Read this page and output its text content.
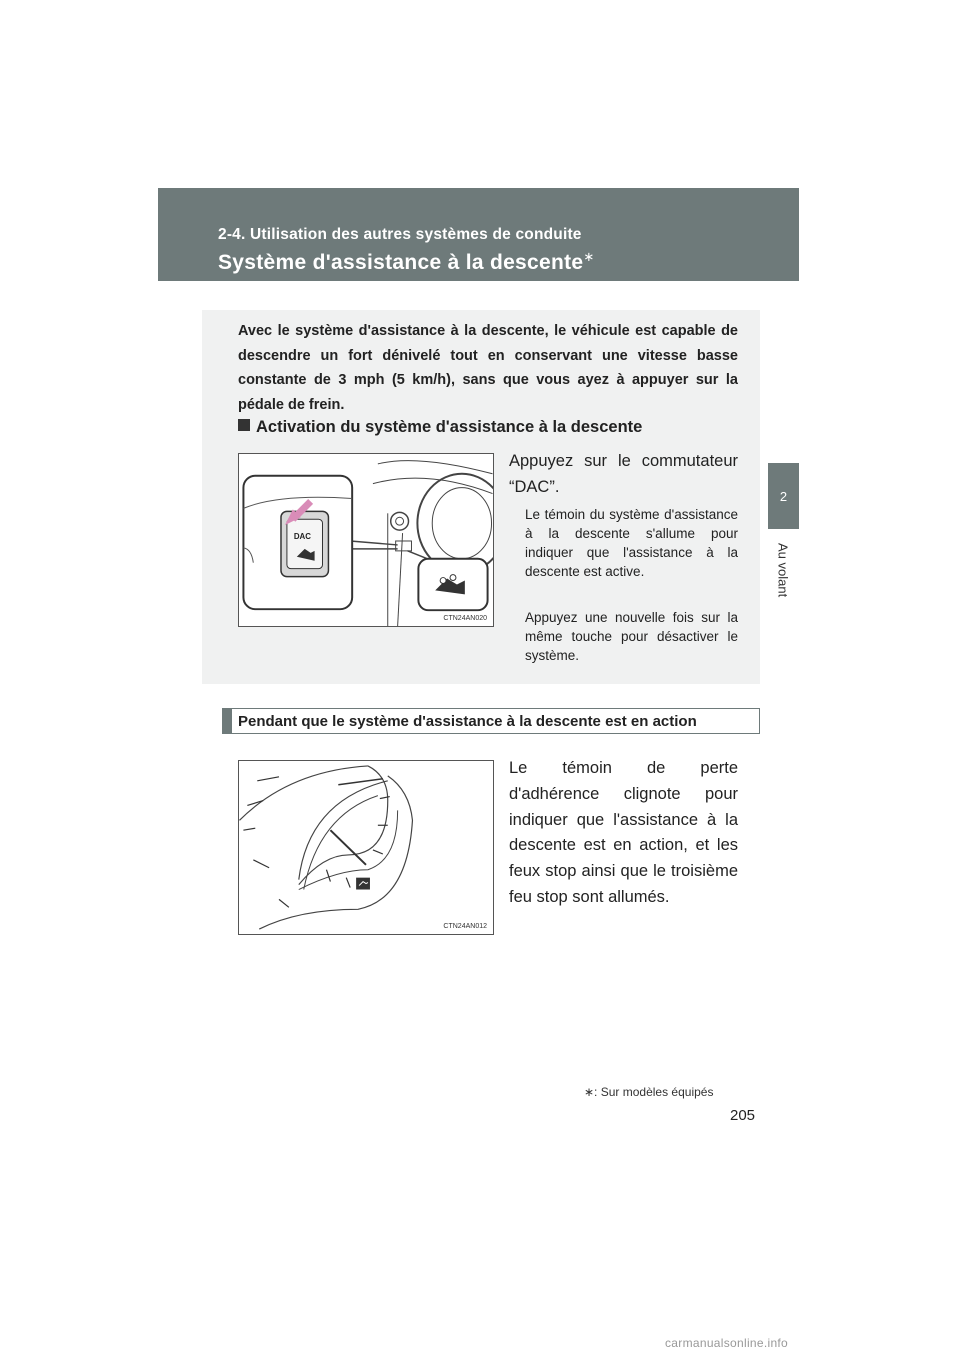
2-4. Utilisation des autres systèmes de conduite
Système d'assistance à la descente∗
2
Au volant
Avec le système d'assistance à la descente, le véhicule est capable de descendre un fort dénivelé tout en conservant une vitesse basse constante de 3 mph (5 km/h), sans que vous ayez à appuyer sur la pédale de frein.
Activation du système d'assistance à la descente
DAC
CTN24AN020
Appuyez sur le commutateur “DAC”.
Le témoin du système d'assistance à la descente s'allume pour indiquer que l'assistance à la descente est active.
Appuyez une nouvelle fois sur la même touche pour désactiver le système.
Pendant que le système d'assistance à la descente est en action
CTN24AN012
Le témoin de perte d'adhérence clignote pour indiquer que l'assistance à la descente est en action, et les feux stop ainsi que le troisième feu stop sont allumés.
∗: Sur modèles équipés
205
carmanualsonline.info
